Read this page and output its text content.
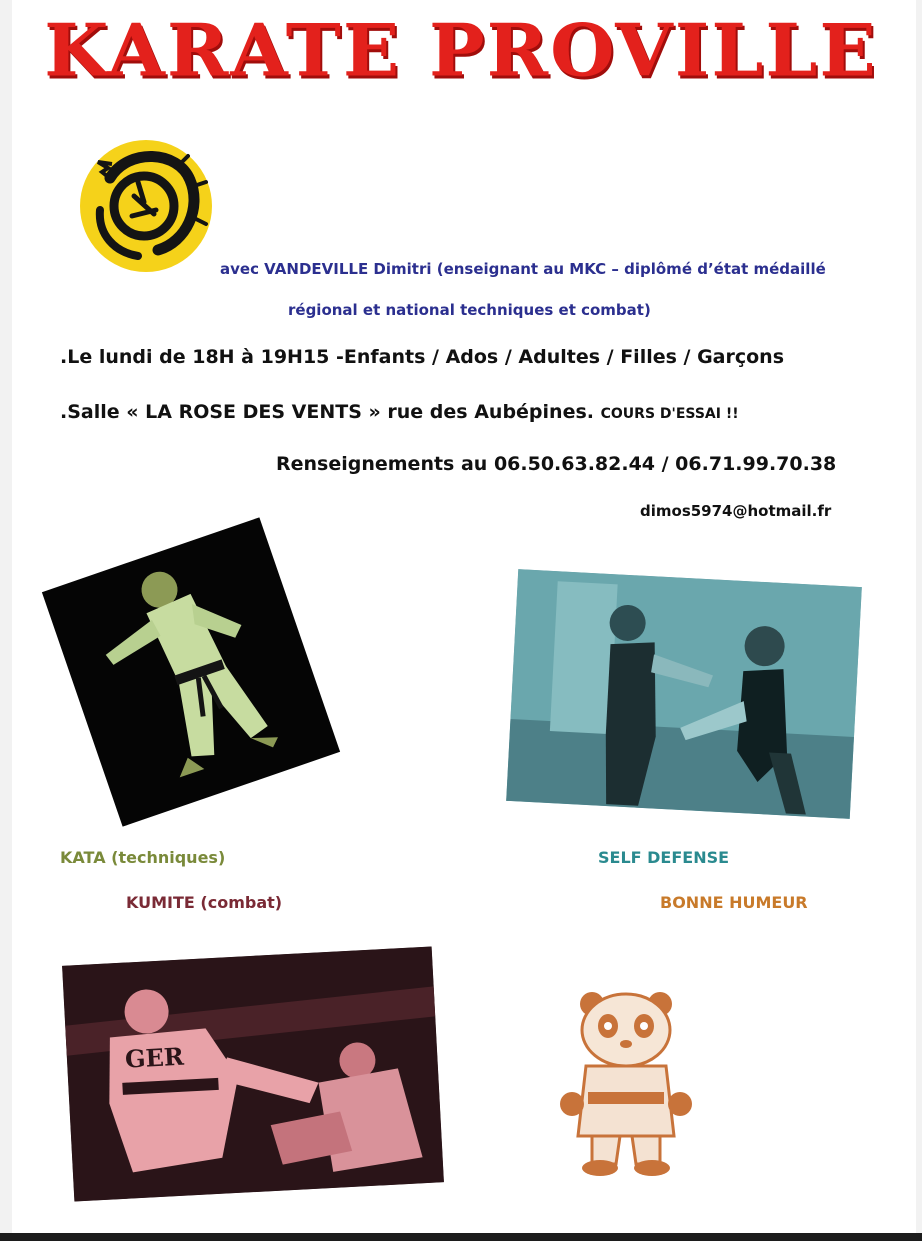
KARATE PROVILLE
avec VANDEVILLE Dimitri (enseignant au MKC – diplômé d’état médaillé
régional et national techniques et combat)
.Le lundi de 18H à 19H15 -Enfants / Ados / Adultes / Filles / Garçons
.Salle « LA ROSE DES VENTS » rue des Aubépines. COURS D'ESSAI !!
Renseignements au 06.50.63.82.44 / 06.71.99.70.38
dimos5974@hotmail.fr
KATA (techniques)	SELF DEFENSE
KUMITE (combat)	BONNE HUMEUR
GER
